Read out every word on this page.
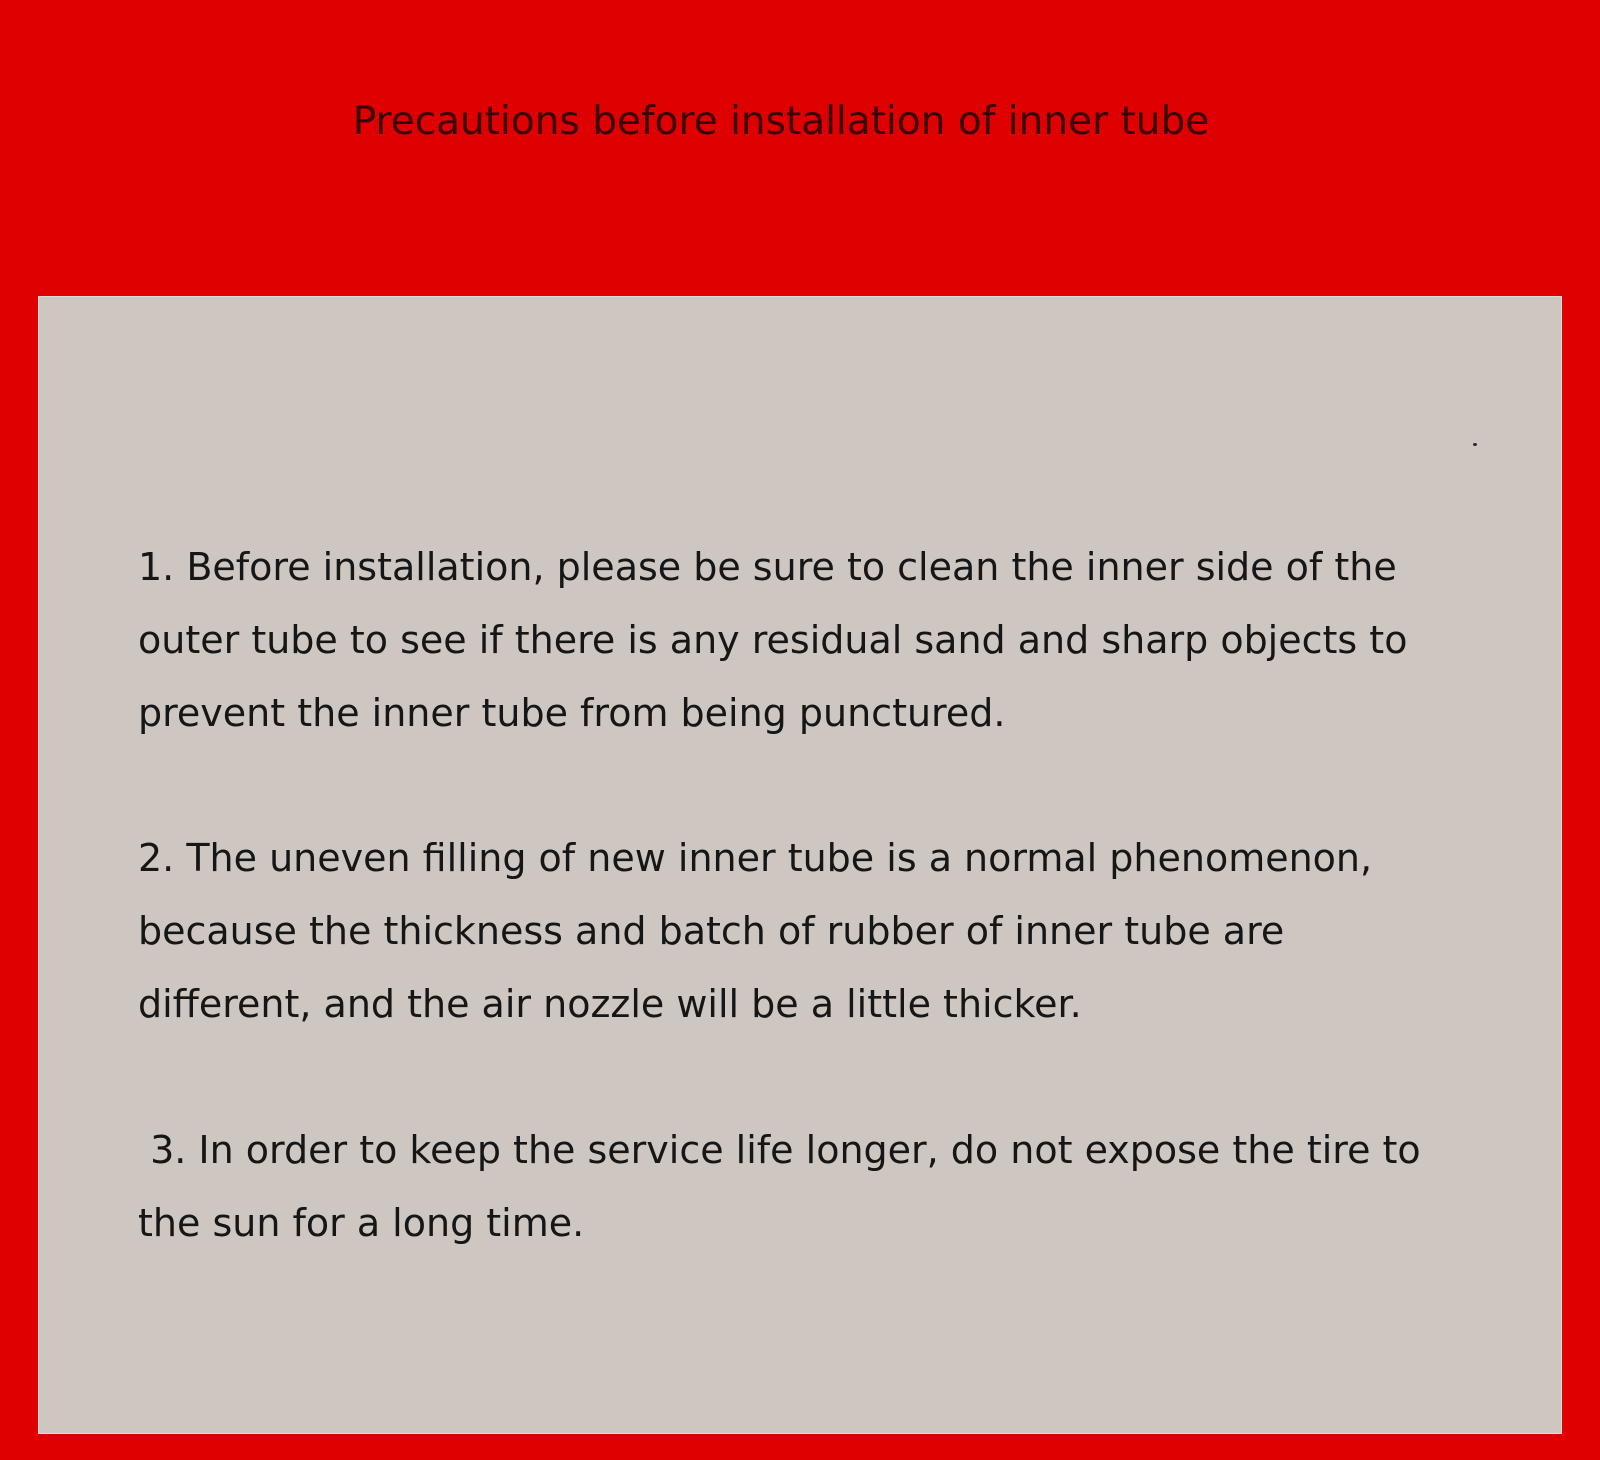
Precautions before installation of inner tube

1. Before installation, please be sure to clean the inner side of the outer tube to see if there is any residual sand and sharp objects to prevent the inner tube from being punctured.

2. The uneven filling of new inner tube is a normal phenomenon, because the thickness and batch of rubber of inner tube are different, and the air nozzle will be a little thicker.

3. In order to keep the service life longer, do not expose the tire to the sun for a long time.
